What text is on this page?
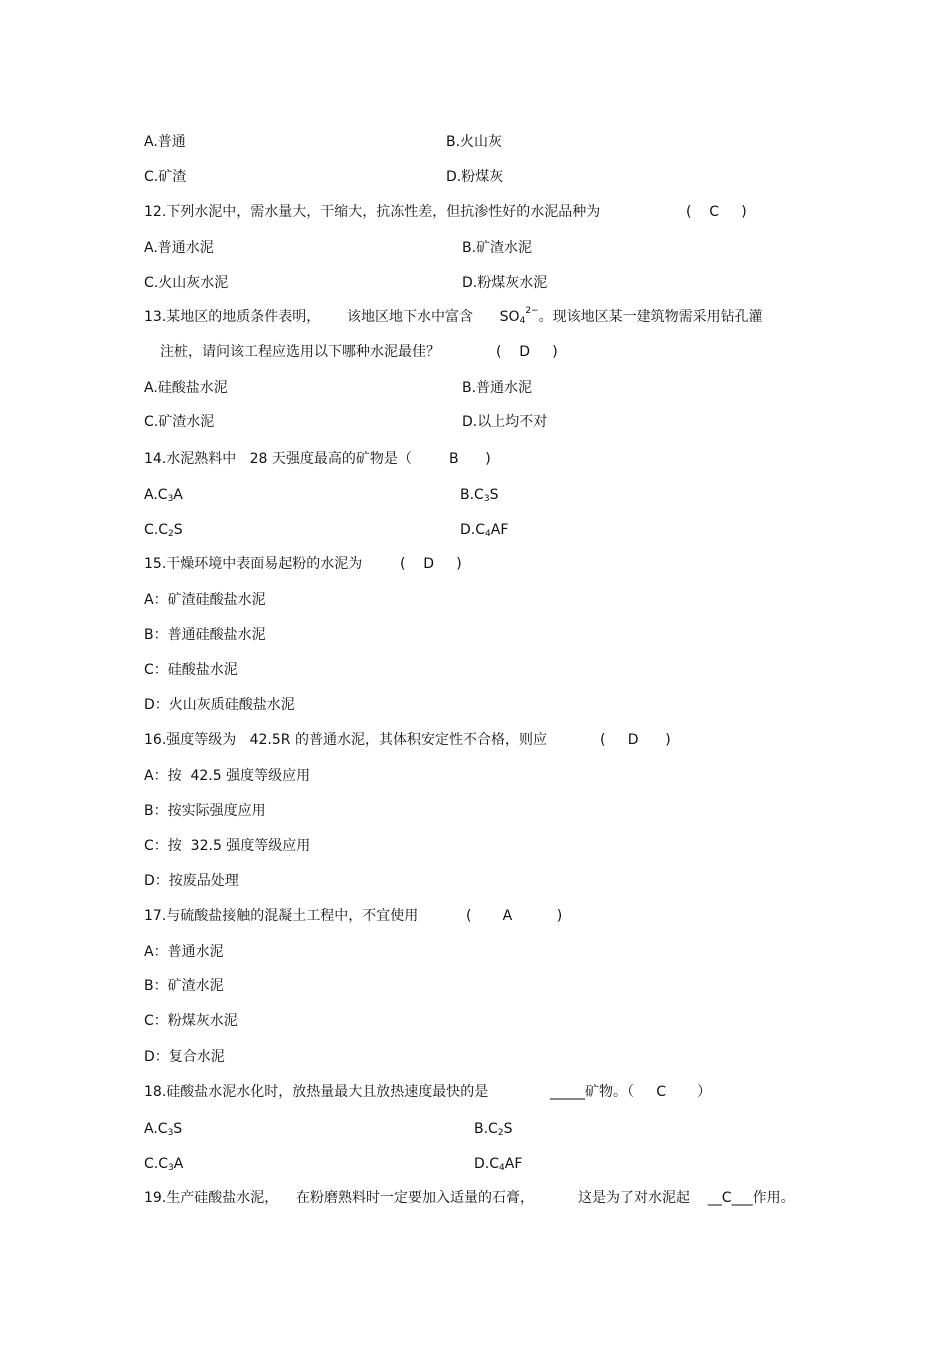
A.普通	B.火山灰
C.矿渣	D.粉煤灰
12.下列水泥中，需水量大，干缩大，抗冻性差，但抗渗性好的水泥品种为	(    C     )
A.普通水泥	B.矿渣水泥
C.火山灰水泥	D.粉煤灰水泥
13.某地区的地质条件表明，      该地区地下水中富含      $SO_4^{2-}$。现该地区某一建筑物需采用钻孔灌
注桩，请问该工程应选用以下哪种水泥最佳？	(    D     )
A.硅酸盐水泥	B.普通水泥
C.矿渣水泥	D.以上均不对
14.水泥熟料中   28 天强度最高的矿物是（	B      )
$A.C_3A$	$B.C_3S$
$C.C_2S$	$D.C_4AF$
15.干燥环境中表面易起粉的水泥为	(    D     )
A：矿渣硅酸盐水泥
B：普通硅酸盐水泥
C：硅酸盐水泥
D：火山灰质硅酸盐水泥
16.强度等级为   42.5R 的普通水泥，其体积安定性不合格，则应	(     D      )
A：按  42.5 强度等级应用
B：按实际强度应用
C：按  32.5 强度等级应用
D：按废品处理
17.与硫酸盐接触的混凝土工程中，不宜使用	(       A          )
A：普通水泥
B：矿渣水泥
C：粉煤灰水泥
D：复合水泥
18.硅酸盐水泥水化时，放热量最大且放热速度最快的是	_____矿物。（     C       ）
$A.C_3S$	$B.C_2S$
$C.C_3A$	$D.C_4AF$
19.生产硅酸盐水泥， 在粉磨熟料时一定要加入适量的石膏，	这是为了对水泥起    __C___作用。
